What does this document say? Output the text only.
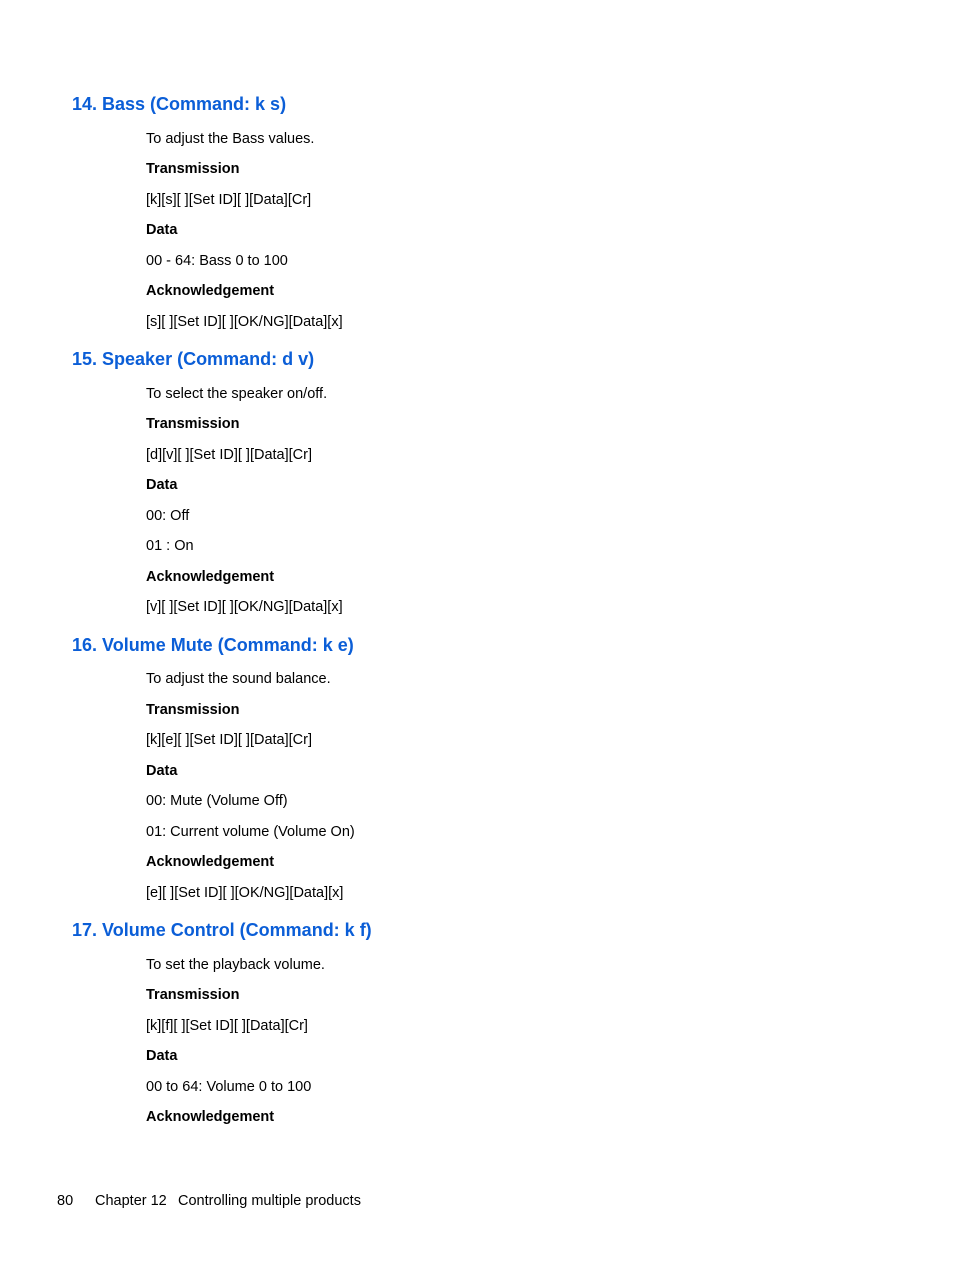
14. Bass (Command: k s)
To adjust the Bass values.
Transmission
[k][s][ ][Set ID][ ][Data][Cr]
Data
00 - 64: Bass 0 to 100
Acknowledgement
[s][ ][Set ID][ ][OK/NG][Data][x]
15. Speaker (Command: d v)
To select the speaker on/off.
Transmission
[d][v][ ][Set ID][ ][Data][Cr]
Data
00: Off
01 : On
Acknowledgement
[v][ ][Set ID][ ][OK/NG][Data][x]
16. Volume Mute (Command: k e)
To adjust the sound balance.
Transmission
[k][e][ ][Set ID][ ][Data][Cr]
Data
00: Mute (Volume Off)
01: Current volume (Volume On)
Acknowledgement
[e][ ][Set ID][ ][OK/NG][Data][x]
17. Volume Control (Command: k f)
To set the playback volume.
Transmission
[k][f][ ][Set ID][ ][Data][Cr]
Data
00 to 64: Volume 0 to 100
Acknowledgement
80 Chapter 12 Controlling multiple products
